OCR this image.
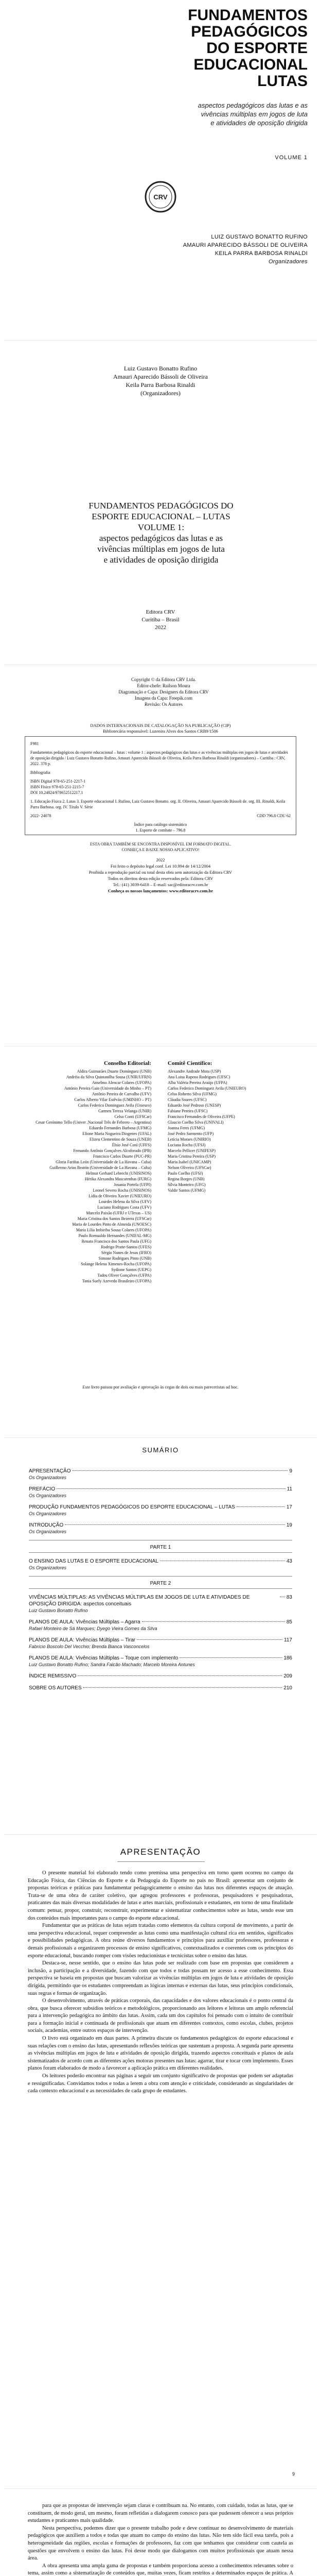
FUNDAMENTOS
PEDAGÓGICOS
DO ESPORTE
EDUCACIONAL
LUTAS
aspectos pedagógicos das lutas e as
vivências múltiplas em jogos de luta
e atividades de oposição dirigida
VOLUME 1
CRV
LUIZ GUSTAVO BONATTO RUFINO
AMAURI APARECIDO BÁSSOLI DE OLIVEIRA
KEILA PARRA BARBOSA RINALDI
Organizadores
Luiz Gustavo Bonatto Rufino
Amauri Aparecido Bássoli de Oliveira
Keila Parra Barbosa Rinaldi
(Organizadores)
FUNDAMENTOS PEDAGÓGICOS DO
ESPORTE EDUCACIONAL – LUTAS
VOLUME 1:
aspectos pedagógicos das lutas e as
vivências múltiplas em jogos de luta
e atividades de oposição dirigida
Editora CRV
Curitiba – Brasil
2022
Copyright © da Editora CRV Ltda.
Editor-chefe: Railson Moura
Diagramação e Capa: Designers da Editora CRV
Imagens da Capa: Freepik.com
Revisão: Os Autores
DADOS INTERNACIONAIS DE CATALOGAÇÃO NA PUBLICAÇÃO (CIP)
Bibliotecária responsável: Luzenira Alves dos Santos CRB9/1506

F981

Fundamentos pedagógicos do esporte educacional – lutas : volume 1 : aspectos pedagógicos das lutas e as vivências múltiplas em jogos de lutas e atividades de oposição dirigida / Luiz Gustavo Bonatto Rufino, Amauri Aparecido Bássoli de Oliveira, Keila Parra Barbosa Rinaldi (organizadores) – Curitiba : CRV, 2022. 378 p.

Bibliografia

ISBN Digital 978-65-251-2217-1
ISBN Físico 978-65-251-2215-7
DOI 10.24824/978652512217.1

1. Educação Física 2. Lutas 3. Esporte educacional I. Rufino, Luiz Gustavo Bonatto. org. II. Oliveira, Amauri Aparecido Bássoli de. org. III. Rinaldi, Keila Parra Barbosa. org. IV. Título V. Série

2022- 24078	CDD 796.8 CDU 62
Índice para catálogo sistemático
1. Esporte de combate – 796.8
ESTA OBRA TAMBÉM SE ENCONTRA DISPONÍVEL EM FORMATO DIGITAL.
CONHEÇA E BAIXE NOSSO APLICATIVO!
2022
Foi feito o depósito legal conf. Lei 10.994 de 14/12/2004
Proibida a reprodução parcial ou total desta obra sem autorização da Editora CRV
Todos os direitos desta edição reservados pela: Editora CRV
Tel.: (41) 3039-6418 – E-mail: sac@editoracrv.com.br
Conheça os nossos lançamentos: www.editoracrv.com.br
Conselho Editorial:
Aldira Guimarães Duarte Domínguez (UNB)
Andréia da Silva Quintanilha Sousa (UNIR/UFRN)
Anselmo Alencar Colares (UFOPA)
António Pereira Gaio (Universidade do Minho – PT)
Antônio Pereira de Carvalho (UFV)
Carlos Alberto Vilar Estêvão (UMINHO – PT)
Carlos Federico Dominguez Avila (Unieuro)
Carmen Tereza Velanga (UNIR)
Celso Conti (UFSCar)
Cesar Gerónimo Tello (Univer .Nacional Três de Febrero – Argentina)
Eduardo Fernandes Barbosa (UFMG)
Elione Maria Nogueira Diogenes (UFAL)
Elizeu Clementino de Souza (UNEB)
Élsio José Corá (UFFS)
Fernando Antônio Gonçalves Alcoforado (IPB)
Francisco Carlos Duarte (PUC-PR)
Gloria Fariñas León (Universidade de La Havana – Cuba)
Guillermo Arias Beatón (Universidade de La Havana – Cuba)
Helmut Gerhard Lebrecht (UNISINOS)
Hérika Alexandra Mascarenhas (FURG)
Josania Portela (UFPI)
Leonel Severo Rocha (UNISINOS)
Lídia de Oliveira Xavier (UNIEURO)
Lourdes Helena da Silva (UFV)
Luciano Rodrigues Costa (UFV)
Marcelo Paixão (UFRJ e UTexas – US)
Maria Cristina dos Santos Bezerra (UFSCar)
Maria de Lourdes Pinto de Almeida (UNOESC)
Maria Lília Imbiriba Sousa Colares (UFOPA)
Paulo Romualdo Hernandes (UNIFAL-MG)
Renato Francisco dos Santos Paula (UFG)
Rodrigo Pratte-Santos (UFES)
Sérgio Nunes de Jesus (IFRO)
Simone Rodrigues Pinto (UNB)
Solange Helena Ximenes-Rocha (UFOPA)
Sydione Santos (UEPG)
Tadeu Oliver Gonçalves (UFPA)
Tania Suely Azevedo Brasileiro (UFOPA)
Comitê Científico:
Alexandre Andrade Mota (USP)
Ana Luisa Raposo Rodrigues (UFSC)
Alba Valéria Pereira Araújo (UFPA)
Carlos Federico Dominguez Avila (UNIEURO)
Celso Roberto Silva (UFMG)
Cláudia Soares (UFSC)
Eduardo José Pedroso (UNESP)
Fabiane Pereira (UFSC)
Francisco Fernandes de Oliveira (UFPE)
Glaucio Coelho Silva (UNIVALI)
Joanna Feres (UFMG)
José Pedro Sarmento (UFP)
Letícia Moraes (UNIRIO)
Luciana Rocha (UFSJ)
Marcelo Pellicer (UNIFESP)
Maria Cristina Pereira (USP)
Maria Isabel (UNICAMP)
Nelson Oliveira (UFSCar)
Paulo Coelho (UFSJ)
Regina Borges (UNB)
Sílvia Monteiro (UFG)
Valdir Santos (UFMG)
Este livro passou por avaliação e aprovação às cegas de dois ou mais pareceristas ad hoc.
SUMÁRIO
APRESENTAÇÃO	9
Os Organizadores
PREFÁCIO	11
Os Organizadores
PRODUÇÃO FUNDAMENTOS PEDAGÓGICOS DO ESPORTE EDUCACIONAL – LUTAS	17
Os Organizadores
INTRODUÇÃO	19
Os Organizadores
PARTE 1
O ENSINO DAS LUTAS E O ESPORTE EDUCACIONAL	43
Os Organizadores
PARTE 2
VIVÊNCIAS MÚLTIPLAS: AS VIVÊNCIAS MÚLTIPLAS EM JOGOS DE LUTA E ATIVIDADES DE OPOSIÇÃO DIRIGIDA: aspectos conceituais
83
Luiz Gustavo Bonatto Rufino
PLANOS DE AULA: Vivências Múltiplas – Agarra	85
Rafael Monteiro de Sá Marques; Dyego Vieira Gomes da Silva
PLANOS DE AULA: Vivências Múltiplas – Tirar	117
Fabrício Boscolo Del Vecchio; Brenda Bianca Vasconcelos
PLANOS DE AULA: Vivências Múltiplas – Toque com implemento	186
Luiz Gustavo Bonatto Rufino; Sandra Falcão Machado; Marcelo Moreira Antunes
ÍNDICE REMISSIVO	209
SOBRE OS AUTORES	210
APRESENTAÇÃO

O presente material foi elaborado tendo como premissa uma perspectiva em torno quem ocorreu no campo da Educação Física, das Ciências do Esporte e da Pedagogia do Esporte no país no Brasil: apresentar um conjunto de propostas teóricas e práticas para fundamentar pedagogicamente o ensino das lutas nos diferentes espaços de atuação. Trata-se de uma obra de caráter coletivo, que agregou professores e professoras, pesquisadores e pesquisadoras, praticantes das mais diversas modalidades de lutas e artes marciais, profissionais e estudantes, em torno de uma finalidade comum: pensar, propor, construir, reconstruir, experimentar e sistematizar conhecimentos sobre as lutas, sendo esse um dos conteúdos mais importantes para o campo do esporte educacional.

Fundamentar que as práticas de lutas sejam tratadas como elementos da cultura corporal de movimento, a partir de uma perspectiva educacional, requer compreender as lutas como uma manifestação cultural rica em sentidos, significados e possibilidades pedagógicas. A obra reúne diversos fundamentos e princípios para auxiliar professores, professoras e demais profissionais a organizarem processos de ensino significativos, contextualizados e coerentes com os princípios do esporte educacional, buscando romper com visões reducionistas e tecnicistas sobre o ensino das lutas.

Destaca-se, nesse sentido, que o ensino das lutas pode ser realizado com base em propostas que considerem a inclusão, a participação e a diversidade, fazendo com que todos e todas possam ter acesso a esse conhecimento. Essa perspectiva se baseia em propostas que buscam valorizar as vivências múltiplas em jogos de luta e atividades de oposição dirigida, permitindo que os estudantes compreendam as lógicas internas e externas das lutas, seus princípios condicionais, suas regras e formas de organização.

O desenvolvimento, através de práticas corporais, das capacidades e dos valores educacionais é o ponto central da obra, que busca oferecer subsídios teóricos e metodológicos, proporcionando aos leitores e leitoras um amplo referencial para a intervenção pedagógica no âmbito das lutas. Assim, cada um dos capítulos foi pensado com o intuito de contribuir para a formação inicial e continuada de profissionais que atuam em diferentes contextos, como escolas, clubes, projetos sociais, academias, entre outros espaços de intervenção.

O livro está organizado em duas partes. A primeira discute os fundamentos pedagógicos do esporte educacional e suas relações com o ensino das lutas, apresentando reflexões teóricas que sustentam a proposta. A segunda parte apresenta as vivências múltiplas em jogos de luta e atividades de oposição dirigida, trazendo aspectos conceituais e planos de aula sistematizados de acordo com as diferentes ações motoras presentes nas lutas: agarrar, tirar e tocar com implemento. Esses planos foram elaborados de modo a favorecer a aplicação prática em diferentes realidades.

Os leitores poderão encontrar nas páginas a seguir um conjunto significativo de propostas que podem ser adaptadas e ressignificadas. Convidamos todos e todas a lerem a obra com atenção e criticidade, considerando as singularidades de cada contexto educacional e as necessidades de cada grupo de estudantes.

9

para que as propostas de intervenção sejam claras e contribuam na. No entanto, com cuidado, todas as lutas, que se constituem, de modo geral, um mesmo, foram refletidas a dialogarem conosco para que pudessem oferecer a seus próprios estudantes e praticantes mais qualidade.

Nesta perspectiva, podemos dizer que o presente trabalho pode e deve continuar no desenvolvimento de materiais pedagógicos que auxiliem a todos e todas que atuam no campo do ensino das lutas. Não tem sido fácil essa tarefa, pois a heterogeneidade das regiões, escolas e formações de professores, faz com que tenhamos que considerar com cautela as questões que envolvem o ensino das lutas. Foi desse modo que dialogamos com muitos profissionais que atuam nessa área.

A obra apresenta uma ampla gama de propostas e também proporciona acesso a conhecimentos relevantes sobre o tema, assim como a sistematização de conteúdos que, muitas vezes, ficam restritos a determinados espaços de prática. A
